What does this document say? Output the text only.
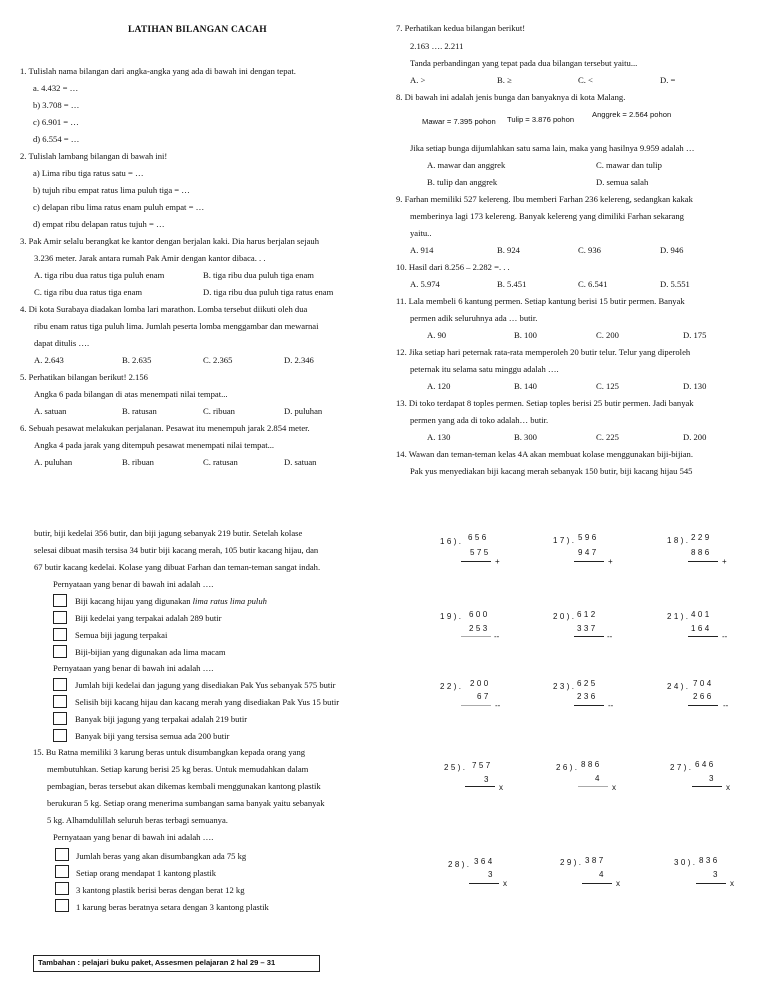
LATIHAN BILANGAN CACAH
1. Tulislah nama bilangan dari angka-angka yang ada di bawah ini dengan tepat.
a. 4.432 = …
b) 3.708 = …
c) 6.901 = …
d) 6.554 = …
2. Tulislah lambang bilangan di bawah ini!
a) Lima ribu tiga ratus satu = …
b) tujuh ribu empat ratus lima puluh tiga = …
c) delapan ribu lima ratus enam puluh empat = …
d) empat ribu delapan ratus tujuh = …
3. Pak Amir selalu berangkat ke kantor dengan berjalan kaki. Dia harus berjalan sejauh
3.236 meter. Jarak antara rumah Pak Amir dengan kantor dibaca. . .
A. tiga ribu dua ratus tiga puluh enam	B. tiga ribu dua puluh tiga enam
C. tiga ribu dua ratus tiga enam	D. tiga ribu dua puluh tiga ratus enam
4. Di kota Surabaya diadakan lomba lari marathon. Lomba tersebut diikuti oleh dua
ribu enam ratus tiga puluh lima. Jumlah peserta lomba menggambar dan mewarnai
dapat ditulis ….
A. 2.643	B. 2.635	C. 2.365	D. 2.346
5. Perhatikan bilangan berikut! 2.156
Angka 6 pada bilangan di atas menempati nilai tempat...
A. satuan	B. ratusan	C. ribuan	D. puluhan
6. Sebuah pesawat melakukan perjalanan. Pesawat itu menempuh jarak 2.854 meter.
Angka 4 pada jarak yang ditempuh pesawat menempati nilai tempat...
A. puluhan	B. ribuan	C. ratusan	D. satuan
7. Perhatikan kedua bilangan berikut!
2.163 …. 2.211
Tanda perbandingan yang tepat pada dua bilangan tersebut yaitu...
A. >	B. ≥	C. <	D. =
8. Di bawah ini adalah jenis bunga dan banyaknya di kota Malang.
Mawar = 7.395 pohon Tulip = 3.876 pohon
Anggrek = 2.564 pohon
Jika setiap bunga dijumlahkan satu sama lain, maka yang hasilnya 9.959 adalah …
A. mawar dan anggrek	C. mawar dan tulip
B. tulip dan anggrek	D. semua salah
9. Farhan memiliki 527 kelereng. Ibu memberi Farhan 236 kelereng, sedangkan kakak
memberinya lagi 173 kelereng. Banyak kelereng yang dimiliki Farhan sekarang
yaitu..
A. 914	B. 924	C. 936	D. 946
10. Hasil dari 8.256 – 2.282 =. . .
A. 5.974	B. 5.451	C. 6.541	D. 5.551
11. Lala membeli 6 kantung permen. Setiap kantung berisi 15 butir permen. Banyak
permen adik seluruhnya ada … butir.
A. 90	B. 100	C. 200	D. 175
12. Jika setiap hari peternak rata-rata memperoleh 20 butir telur. Telur yang diperoleh
peternak itu selama satu minggu adalah ….
A. 120	B. 140	C. 125	D. 130
13. Di toko terdapat 8 toples permen. Setiap toples berisi 25 butir permen. Jadi banyak
permen yang ada di toko adalah… butir.
A. 130	B. 300	C. 225	D. 200
14. Wawan dan teman-teman kelas 4A akan membuat kolase menggunakan biji-bijian.
Pak yus menyediakan biji kacang merah sebanyak 150 butir, biji kacang hijau 545
butir, biji kedelai 356 butir, dan biji jagung sebanyak 219 butir. Setelah kolase
selesai dibuat masih tersisa 34 butir biji kacang merah, 105 butir kacang hijau, dan
67 butir kacang kedelai. Kolase yang dibuat Farhan dan teman-teman sangat indah.
Pernyataan yang benar di bawah ini adalah ….
Biji kacang hijau yang digunakan lima ratus lima puluh
Biji kedelai yang terpakai adalah 289 butir
Semua biji jagung terpakai
Biji-bijian yang digunakan ada lima macam
Pernyataan yang benar di bawah ini adalah ….
Jumlah biji kedelai dan jagung yang disediakan Pak Yus sebanyak 575 butir
Selisih biji kacang hijau dan kacang merah yang disediakan Pak Yus 15 butir
Banyak biji jagung yang terpakai adalah 219 butir
Banyak biji yang tersisa semua ada 200 butir
15. Bu Ratna memiliki 3 karung beras untuk disumbangkan kepada orang yang
membutuhkan. Setiap karung berisi 25 kg beras. Untuk memudahkan dalam
pembagian, beras tersebut akan dikemas kembali menggunakan kantong plastik
berukuran 5 kg. Setiap orang menerima sumbangan sama banyak yaitu sebanyak
5 kg. Alhamdulillah seluruh beras terbagi semuanya.
Pernyataan yang benar di bawah ini adalah ….
Jumlah beras yang akan disumbangkan ada 75 kg
Setiap orang mendapat 1 kantong plastik
3 kantong plastik berisi beras dengan berat 12 kg
1 karung beras beratnya setara dengan 3 kantong plastik
Tambahan : pelajari buku paket, Assesmen pelajaran 2 hal 29 – 31
16). 656
575
+
17). 596
947
+
18). 229
886
+
19). 600
253
--
20). 612
337
--
21). 401
164
--
22). 200
67
--
23). 625
236
--
24). 704
266
--
25). 757
3
x
26). 886
4
x
27). 646
3
x
28). 364
3
x
29). 387
4
x
30). 836
3
x
